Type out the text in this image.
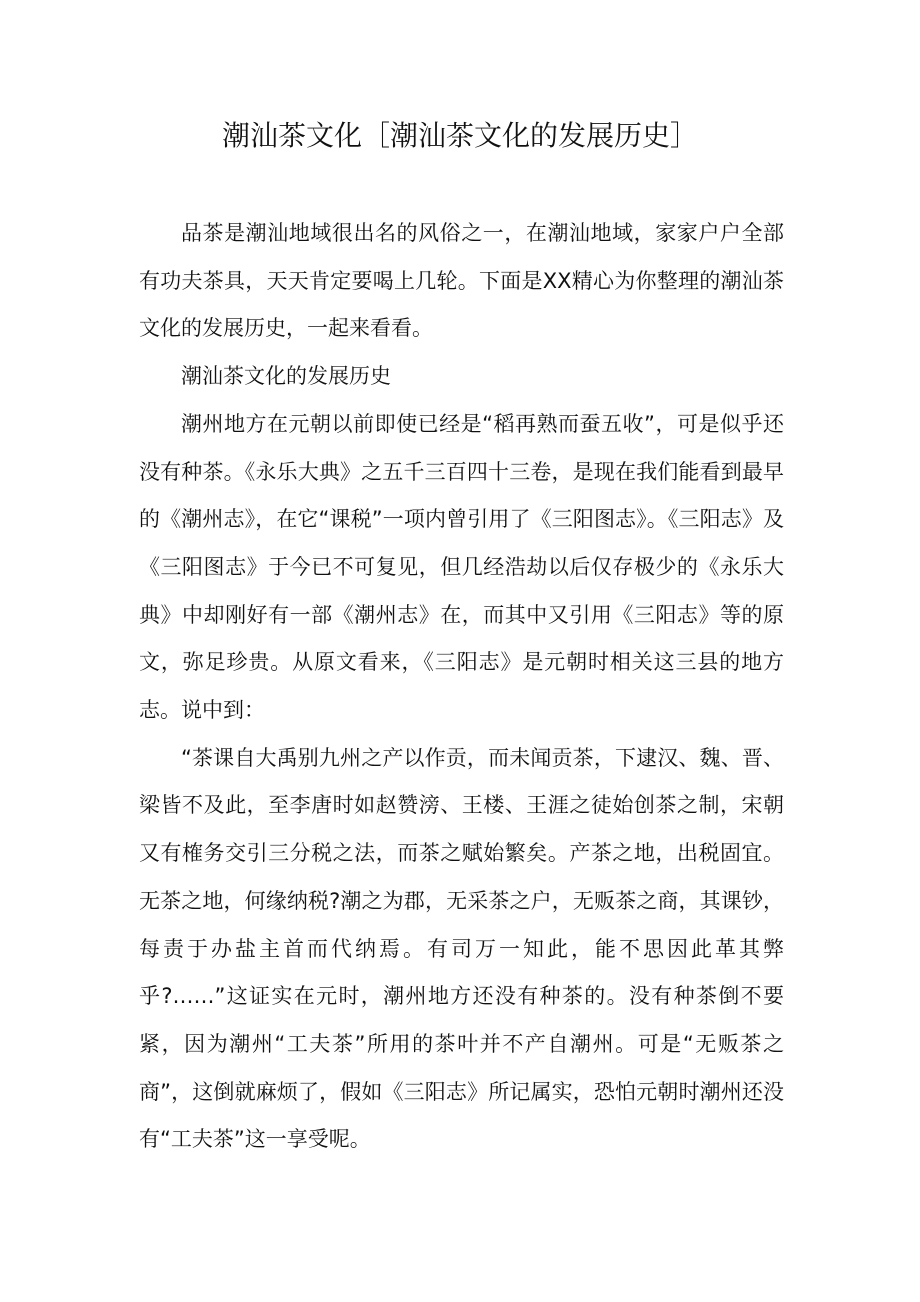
潮汕茶文化［潮汕茶文化的发展历史］

品茶是潮汕地域很出名的风俗之一，在潮汕地域，家家户户全部有功夫茶具，天天肯定要喝上几轮。下面是XX精心为你整理的潮汕茶文化的发展历史，一起来看看。

潮汕茶文化的发展历史

潮州地方在元朝以前即使已经是“稻再熟而蚕五收”，可是似乎还没有种茶。《永乐大典》之五千三百四十三卷，是现在我们能看到最早的《潮州志》，在它“课税”一项内曾引用了《三阳图志》。《三阳志》及《三阳图志》于今已不可复见，但几经浩劫以后仅存极少的《永乐大典》中却刚好有一部《潮州志》在，而其中又引用《三阳志》等的原文，弥足珍贵。从原文看来，《三阳志》是元朝时相关这三县的地方志。说中到：

“茶课自大禹别九州之产以作贡，而未闻贡茶，下逮汉、魏、晋、梁皆不及此，至李唐时如赵赞滂、王楼、王涯之徒始创茶之制，宋朝又有榷务交引三分税之法，而茶之赋始繁矣。产茶之地，出税固宜。无茶之地，何缘纳税?潮之为郡，无采茶之户，无贩茶之商，其课钞，每责于办盐主首而代纳焉。有司万一知此，能不思因此革其弊乎?……”这证实在元时，潮州地方还没有种茶的。没有种茶倒不要紧，因为潮州“工夫茶”所用的茶叶并不产自潮州。可是“无贩茶之商”，这倒就麻烦了，假如《三阳志》所记属实，恐怕元朝时潮州还没有“工夫茶”这一享受呢。
